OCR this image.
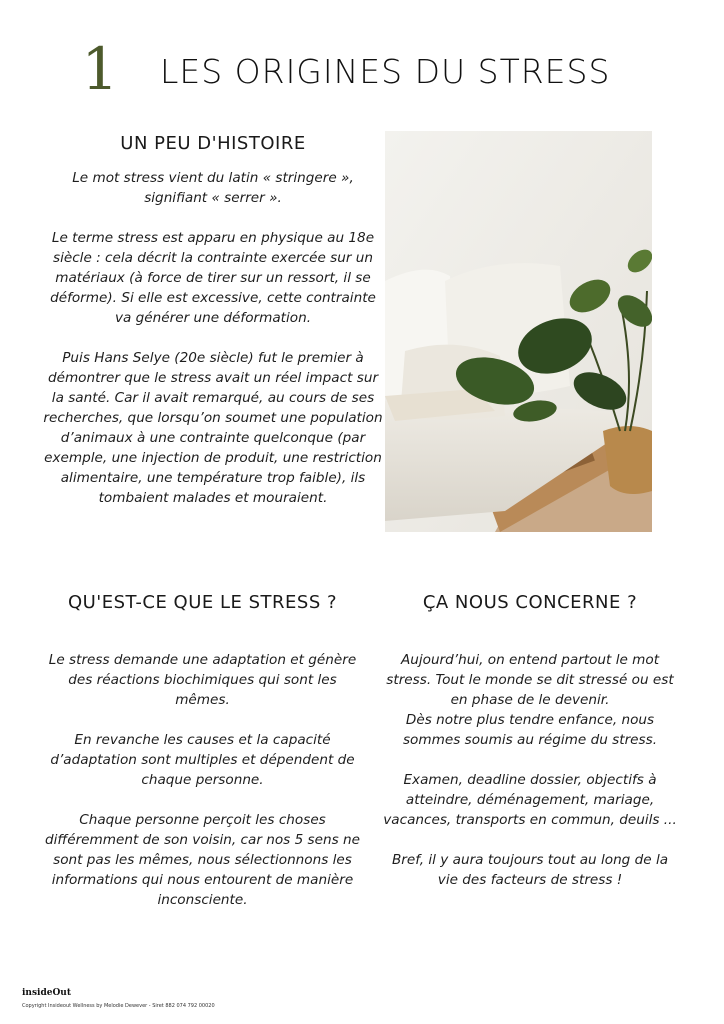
1 LES ORIGINES DU STRESS
UN PEU D'HISTOIRE

Le mot stress vient du latin « stringere », signifiant « serrer ».

Le terme stress est apparu en physique au 18e siècle : cela décrit la contrainte exercée sur un matériaux (à force de tirer sur un ressort, il se déforme). Si elle est excessive, cette contrainte va générer une déformation.

Puis Hans Selye (20e siècle) fut le premier à démontrer que le stress avait un réel impact sur la santé. Car il avait remarqué, au cours de ses recherches, que lorsqu’on soumet une population d’animaux à une contrainte quelconque (par exemple, une injection de produit, une restriction alimentaire, une température trop faible), ils tombaient malades et mouraient.

QU'EST-CE QUE LE STRESS ?

Le stress demande une adaptation et génère des réactions biochimiques qui sont les mêmes.

En revanche les causes et la capacité d’adaptation sont multiples et dépendent de chaque personne.

Chaque personne perçoit les choses différemment de son voisin, car nos 5 sens ne sont pas les mêmes, nous sélectionnons les informations qui nous entourent de manière inconsciente.

ÇA NOUS CONCERNE ?

Aujourd’hui, on entend partout le mot stress. Tout le monde se dit stressé ou est en phase de le devenir.
Dès notre plus tendre enfance, nous sommes soumis au régime du stress.

Examen, deadline dossier, objectifs à atteindre, déménagement, mariage, vacances, transports en commun, deuils ...

Bref, il y aura toujours tout au long de la vie des facteurs de stress !

insideOut
Copyright Insideout Wellness by Melodie Dewever - Siret 882 074 792 00020
